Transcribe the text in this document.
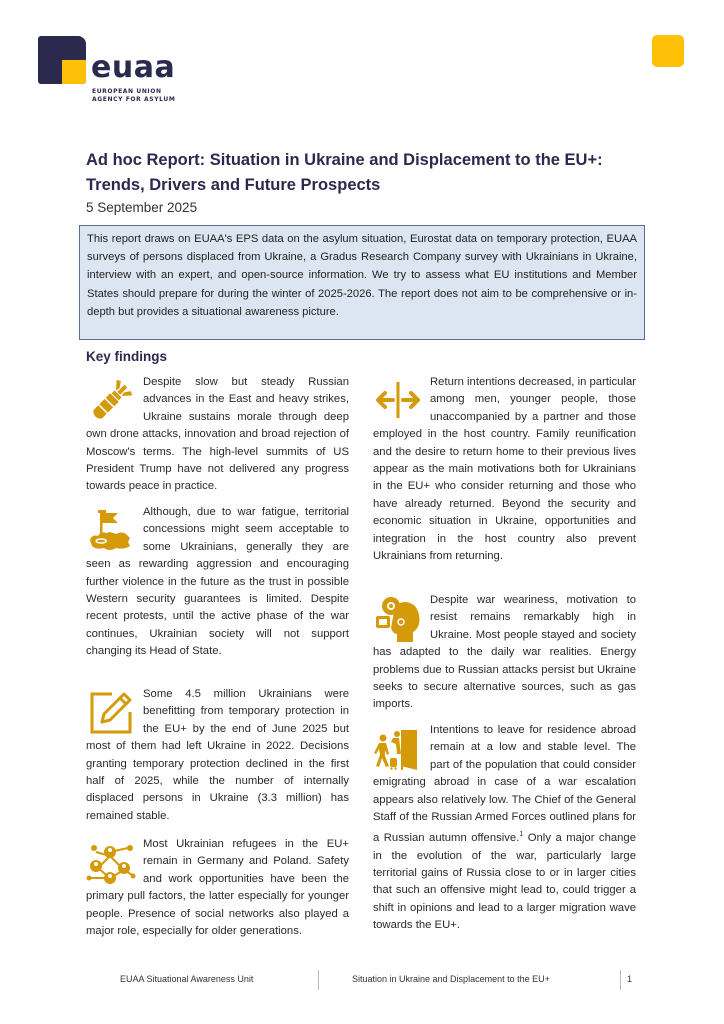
euaa
EUROPEAN UNION
AGENCY FOR ASYLUM
Ad hoc Report: Situation in Ukraine and Displacement to the EU+: Trends, Drivers and Future Prospects
5 September 2025
This report draws on EUAA's EPS data on the asylum situation, Eurostat data on temporary protection, EUAA surveys of persons displaced from Ukraine, a Gradus Research Company survey with Ukrainians in Ukraine, interview with an expert, and open-source information. We try to assess what EU institutions and Member States should prepare for during the winter of 2025-2026. The report does not aim to be comprehensive or in-depth but provides a situational awareness picture.
Key findings

Despite slow but steady Russian advances in the East and heavy strikes, Ukraine sustains morale through deep own drone attacks, innovation and broad rejection of Moscow's terms. The high-level summits of US President Trump have not delivered any progress towards peace in practice.

Although, due to war fatigue, territorial concessions might seem acceptable to some Ukrainians, generally they are seen as rewarding aggression and encouraging further violence in the future as the trust in possible Western security guarantees is limited. Despite recent protests, until the active phase of the war continues, Ukrainian society will not support changing its Head of State.

Some 4.5 million Ukrainians were benefitting from temporary protection in the EU+ by the end of June 2025 but most of them had left Ukraine in 2022. Decisions granting temporary protection declined in the first half of 2025, while the number of internally displaced persons in Ukraine (3.3 million) has remained stable.

Most Ukrainian refugees in the EU+ remain in Germany and Poland. Safety and work opportunities have been the primary pull factors, the latter especially for younger people. Presence of social networks also played a major role, especially for older generations.

Return intentions decreased, in particular among men, younger people, those unaccompanied by a partner and those employed in the host country. Family reunification and the desire to return home to their previous lives appear as the main motivations both for Ukrainians in the EU+ who consider returning and those who have already returned. Beyond the security and economic situation in Ukraine, opportunities and integration in the host country also prevent Ukrainians from returning.

Despite war weariness, motivation to resist remains remarkably high in Ukraine. Most people stayed and society has adapted to the daily war realities. Energy problems due to Russian attacks persist but Ukraine seeks to secure alternative sources, such as gas imports.

Intentions to leave for residence abroad remain at a low and stable level. The part of the population that could consider emigrating abroad in case of a war escalation appears also relatively low. The Chief of the General Staff of the Russian Armed Forces outlined plans for a Russian autumn offensive.$^1$ Only a major change in the evolution of the war, particularly large territorial gains of Russia close to or in larger cities that such an offensive might lead to, could trigger a shift in opinions and lead to a larger migration wave towards the EU+.

EUAA Situational Awareness Unit	Situation in Ukraine and Displacement to the EU+	1
